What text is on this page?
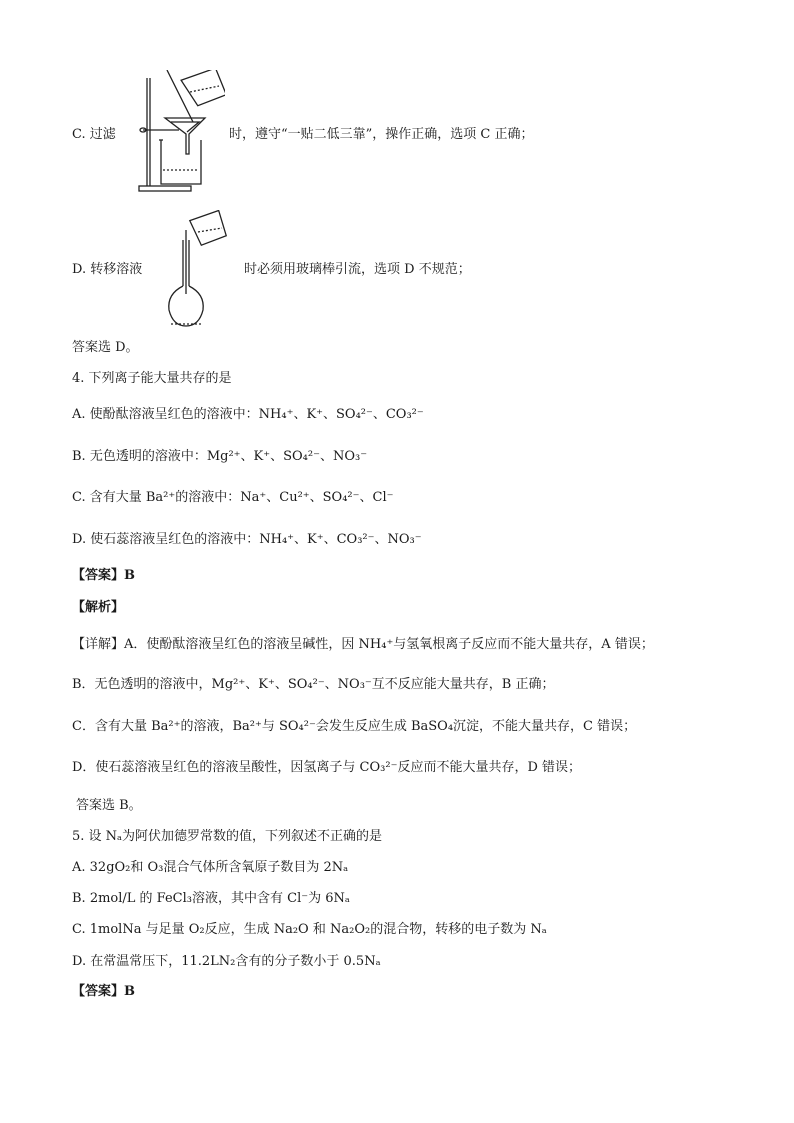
C. 过滤	时，遵守“一贴二低三靠”，操作正确，选项 C 正确；
D. 转移溶液	时必须用玻璃棒引流，选项 D 不规范；
答案选 D。
4. 下列离子能大量共存的是
A. 使酚酞溶液呈红色的溶液中：NH₄⁺、K⁺、SO₄²⁻、CO₃²⁻
B. 无色透明的溶液中：Mg²⁺、K⁺、SO₄²⁻、NO₃⁻
C. 含有大量 Ba²⁺的溶液中：Na⁺、Cu²⁺、SO₄²⁻、Cl⁻
D. 使石蕊溶液呈红色的溶液中：NH₄⁺、K⁺、CO₃²⁻、NO₃⁻
【答案】B
【解析】
【详解】A．使酚酞溶液呈红色的溶液呈碱性，因 NH₄⁺与氢氧根离子反应而不能大量共存，A 错误；
B．无色透明的溶液中，Mg²⁺、K⁺、SO₄²⁻、NO₃⁻互不反应能大量共存，B 正确；
C．含有大量 Ba²⁺的溶液，Ba²⁺与 SO₄²⁻会发生反应生成 BaSO₄沉淀，不能大量共存，C 错误；
D．使石蕊溶液呈红色的溶液呈酸性，因氢离子与 CO₃²⁻反应而不能大量共存，D 错误；
答案选 B。
5. 设 Nₐ为阿伏加德罗常数的值，下列叙述不正确的是
A. 32gO₂和 O₃混合气体所含氧原子数目为 2Nₐ
B. 2mol/L 的 FeCl₃溶液，其中含有 Cl⁻为 6Nₐ
C. 1molNa 与足量 O₂反应，生成 Na₂O 和 Na₂O₂的混合物，转移的电子数为 Nₐ
D. 在常温常压下，11.2LN₂含有的分子数小于 0.5Nₐ
【答案】B
